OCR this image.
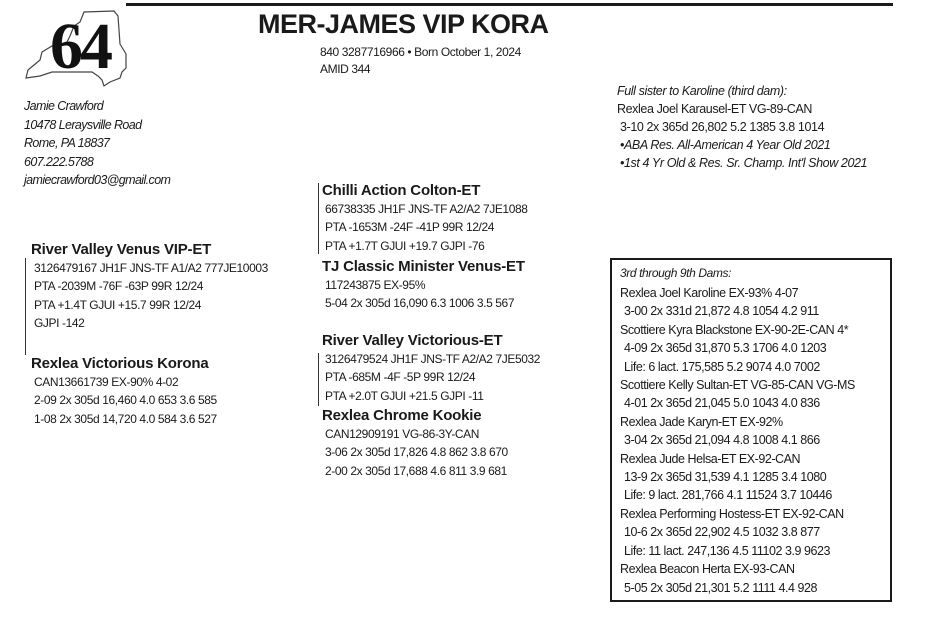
64	MER-JAMES VIP KORA
840 3287716966 • Born October 1, 2024
AMID 344
Jamie Crawford
10478 Leraysville Road
Rome, PA 18837
607.222.5788
jamiecrawford03@gmail.com
Full sister to Karoline (third dam):
Rexlea Joel Karausel-ET VG-89-CAN
3-10 2x 365d 26,802 5.2 1385 3.8 1014
•ABA Res. All-American 4 Year Old 2021
•1st 4 Yr Old & Res. Sr. Champ. Int'l Show 2021
River Valley Venus VIP-ET
3126479167 JH1F JNS-TF A1/A2 777JE10003
PTA -2039M -76F -63P 99R 12/24
PTA +1.4T GJUI +15.7 99R 12/24
GJPI -142
Rexlea Victorious Korona
CAN13661739 EX-90% 4-02
2-09 2x 305d 16,460 4.0 653 3.6 585
1-08 2x 305d 14,720 4.0 584 3.6 527
Chilli Action Colton-ET
66738335 JH1F JNS-TF A2/A2 7JE1088
PTA -1653M -24F -41P 99R 12/24
PTA +1.7T GJUI +19.7 GJPI -76
TJ Classic Minister Venus-ET
117243875 EX-95%
5-04 2x 305d 16,090 6.3 1006 3.5 567
River Valley Victorious-ET
3126479524 JH1F JNS-TF A2/A2 7JE5032
PTA -685M -4F -5P 99R 12/24
PTA +2.0T GJUI +21.5 GJPI -11
Rexlea Chrome Kookie
CAN12909191 VG-86-3Y-CAN
3-06 2x 305d 17,826 4.8 862 3.8 670
2-00 2x 305d 17,688 4.6 811 3.9 681
3rd through 9th Dams:
Rexlea Joel Karoline EX-93% 4-07
3-00 2x 331d 21,872 4.8 1054 4.2 911
Scottiere Kyra Blackstone EX-90-2E-CAN 4*
4-09 2x 365d 31,870 5.3 1706 4.0 1203
Life: 6 lact. 175,585 5.2 9074 4.0 7002
Scottiere Kelly Sultan-ET VG-85-CAN VG-MS
4-01 2x 365d 21,045 5.0 1043 4.0 836
Rexlea Jade Karyn-ET EX-92%
3-04 2x 365d 21,094 4.8 1008 4.1 866
Rexlea Jude Helsa-ET EX-92-CAN
13-9 2x 365d 31,539 4.1 1285 3.4 1080
Life: 9 lact. 281,766 4.1 11524 3.7 10446
Rexlea Performing Hostess-ET EX-92-CAN
10-6 2x 365d 22,902 4.5 1032 3.8 877
Life: 11 lact. 247,136 4.5 11102 3.9 9623
Rexlea Beacon Herta EX-93-CAN
5-05 2x 305d 21,301 5.2 1111 4.4 928
